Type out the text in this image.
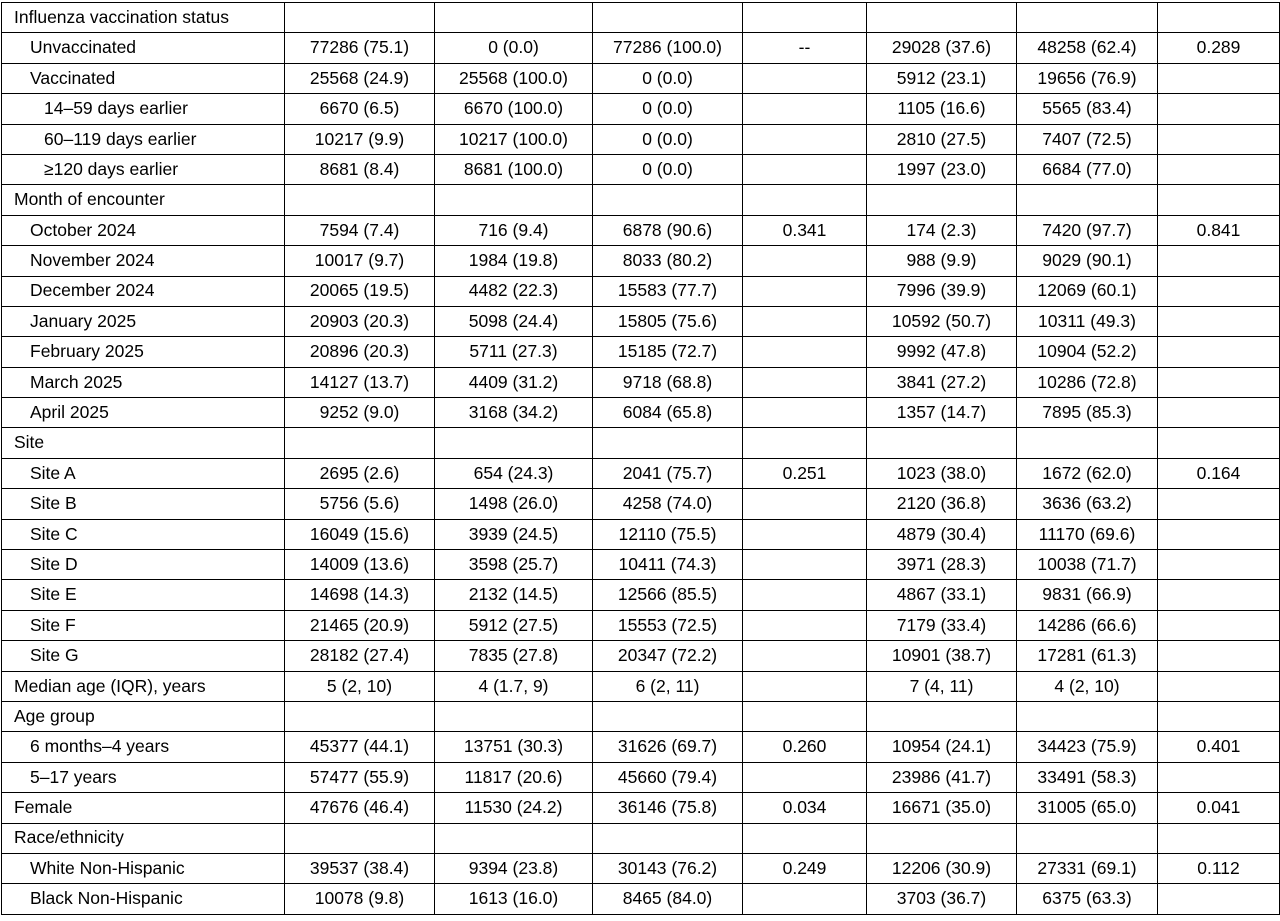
Influenza vaccination status							
Unvaccinated	77286 (75.1)	0 (0.0)	77286 (100.0)	--	29028 (37.6)	48258 (62.4)	0.289
Vaccinated	25568 (24.9)	25568 (100.0)	0 (0.0)		5912 (23.1)	19656 (76.9)	
14–59 days earlier	6670 (6.5)	6670 (100.0)	0 (0.0)		1105 (16.6)	5565 (83.4)	
60–119 days earlier	10217 (9.9)	10217 (100.0)	0 (0.0)		2810 (27.5)	7407 (72.5)	
≥120 days earlier	8681 (8.4)	8681 (100.0)	0 (0.0)		1997 (23.0)	6684 (77.0)	
Month of encounter							
October 2024	7594 (7.4)	716 (9.4)	6878 (90.6)	0.341	174 (2.3)	7420 (97.7)	0.841
November 2024	10017 (9.7)	1984 (19.8)	8033 (80.2)		988 (9.9)	9029 (90.1)	
December 2024	20065 (19.5)	4482 (22.3)	15583 (77.7)		7996 (39.9)	12069 (60.1)	
January 2025	20903 (20.3)	5098 (24.4)	15805 (75.6)		10592 (50.7)	10311 (49.3)	
February 2025	20896 (20.3)	5711 (27.3)	15185 (72.7)		9992 (47.8)	10904 (52.2)	
March 2025	14127 (13.7)	4409 (31.2)	9718 (68.8)		3841 (27.2)	10286 (72.8)	
April 2025	9252 (9.0)	3168 (34.2)	6084 (65.8)		1357 (14.7)	7895 (85.3)	
Site							
Site A	2695 (2.6)	654 (24.3)	2041 (75.7)	0.251	1023 (38.0)	1672 (62.0)	0.164
Site B	5756 (5.6)	1498 (26.0)	4258 (74.0)		2120 (36.8)	3636 (63.2)	
Site C	16049 (15.6)	3939 (24.5)	12110 (75.5)		4879 (30.4)	11170 (69.6)	
Site D	14009 (13.6)	3598 (25.7)	10411 (74.3)		3971 (28.3)	10038 (71.7)	
Site E	14698 (14.3)	2132 (14.5)	12566 (85.5)		4867 (33.1)	9831 (66.9)	
Site F	21465 (20.9)	5912 (27.5)	15553 (72.5)		7179 (33.4)	14286 (66.6)	
Site G	28182 (27.4)	7835 (27.8)	20347 (72.2)		10901 (38.7)	17281 (61.3)	
Median age (IQR), years	5 (2, 10)	4 (1.7, 9)	6 (2, 11)		7 (4, 11)	4 (2, 10)	
Age group							
6 months–4 years	45377 (44.1)	13751 (30.3)	31626 (69.7)	0.260	10954 (24.1)	34423 (75.9)	0.401
5–17 years	57477 (55.9)	11817 (20.6)	45660 (79.4)		23986 (41.7)	33491 (58.3)	
Female	47676 (46.4)	11530 (24.2)	36146 (75.8)	0.034	16671 (35.0)	31005 (65.0)	0.041
Race/ethnicity							
White Non-Hispanic	39537 (38.4)	9394 (23.8)	30143 (76.2)	0.249	12206 (30.9)	27331 (69.1)	0.112
Black Non-Hispanic	10078 (9.8)	1613 (16.0)	8465 (84.0)		3703 (36.7)	6375 (63.3)	
